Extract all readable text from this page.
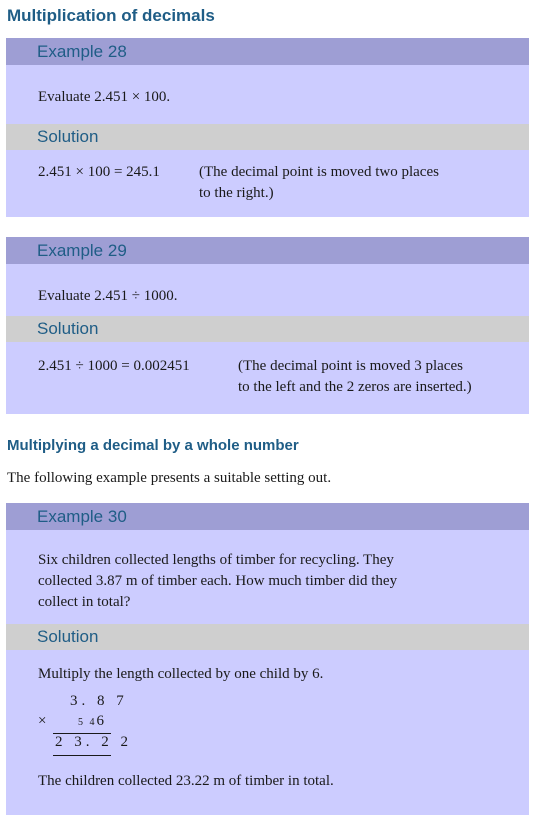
Multiplication of decimals
Example 28
Evaluate 2.451 × 100.
Solution
2.451 × 100 = 245.1	(The decimal point is moved two places
to the right.)
Example 29
Evaluate 2.451 ÷ 1000.
Solution
2.451 ÷ 1000 = 0.002451	(The decimal point is moved 3 places
to the left and the 2 zeros are inserted.)
Multiplying a decimal by a whole number
The following example presents a suitable setting out.
Example 30
Six children collected lengths of timber for recycling. They
collected 3.87 m of timber each. How much timber did they
collect in total?
Solution
Multiply the length collected by one child by 6.
3. 8 7
×	5 46
2 3. 2 2
The children collected 23.22 m of timber in total.
